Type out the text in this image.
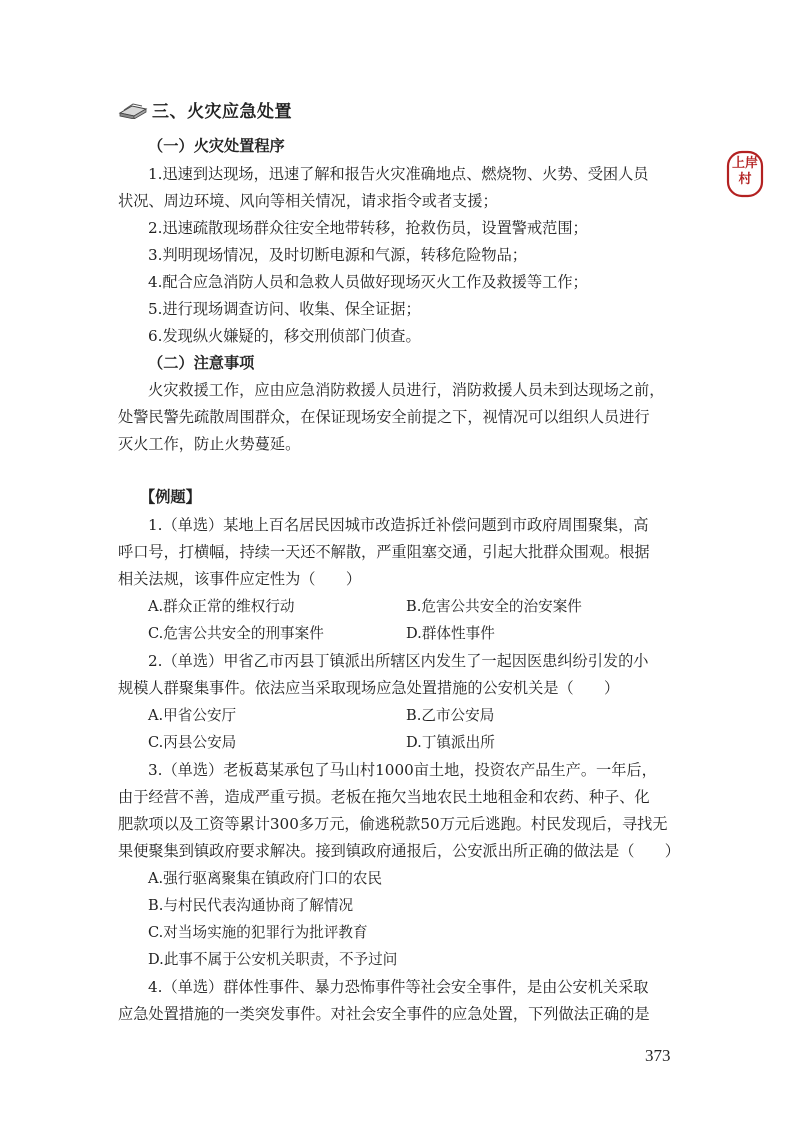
三、火灾应急处置
上岸
村
（一）火灾处置程序
1.迅速到达现场，迅速了解和报告火灾准确地点、燃烧物、火势、受困人员
状况、周边环境、风向等相关情况，请求指令或者支援；
2.迅速疏散现场群众往安全地带转移，抢救伤员，设置警戒范围；
3.判明现场情况，及时切断电源和气源，转移危险物品；
4.配合应急消防人员和急救人员做好现场灭火工作及救援等工作；
5.进行现场调查访问、收集、保全证据；
6.发现纵火嫌疑的，移交刑侦部门侦查。
（二）注意事项
火灾救援工作，应由应急消防救援人员进行，消防救援人员未到达现场之前，
处警民警先疏散周围群众，在保证现场安全前提之下，视情况可以组织人员进行
灭火工作，防止火势蔓延。
【例题】
1.（单选）某地上百名居民因城市改造拆迁补偿问题到市政府周围聚集，高
呼口号，打横幅，持续一天还不解散，严重阻塞交通，引起大批群众围观。根据
相关法规，该事件应定性为（　　）
A.群众正常的维权行动	B.危害公共安全的治安案件
C.危害公共安全的刑事案件	D.群体性事件
2.（单选）甲省乙市丙县丁镇派出所辖区内发生了一起因医患纠纷引发的小
规模人群聚集事件。依法应当采取现场应急处置措施的公安机关是（　　）
A.甲省公安厅	B.乙市公安局
C.丙县公安局	D.丁镇派出所
3.（单选）老板葛某承包了马山村1000亩土地，投资农产品生产。一年后，
由于经营不善，造成严重亏损。老板在拖欠当地农民土地租金和农药、种子、化
肥款项以及工资等累计300多万元，偷逃税款50万元后逃跑。村民发现后，寻找无
果便聚集到镇政府要求解决。接到镇政府通报后，公安派出所正确的做法是（　　）
A.强行驱离聚集在镇政府门口的农民
B.与村民代表沟通协商了解情况
C.对当场实施的犯罪行为批评教育
D.此事不属于公安机关职责，不予过问
4.（单选）群体性事件、暴力恐怖事件等社会安全事件，是由公安机关采取
应急处置措施的一类突发事件。对社会安全事件的应急处置，下列做法正确的是
373
